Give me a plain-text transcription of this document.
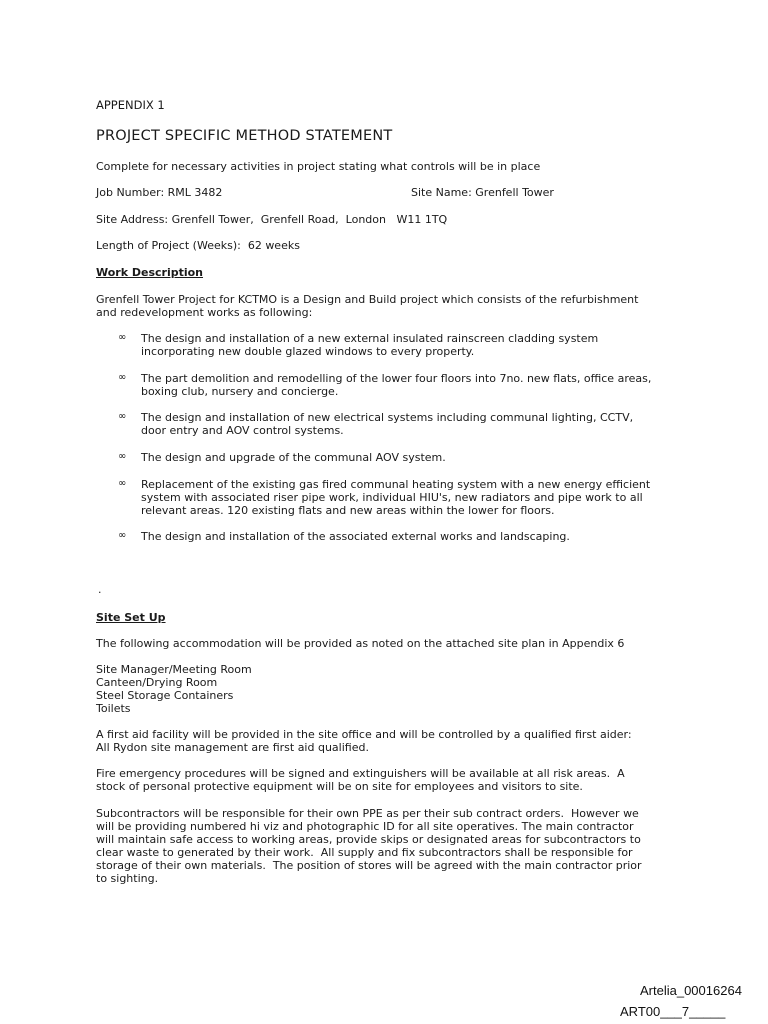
APPENDIX 1

PROJECT SPECIFIC METHOD STATEMENT

Complete for necessary activities in project stating what controls will be in place

Job Number: RML 3482	Site Name: Grenfell Tower

Site Address: Grenfell Tower,  Grenfell Road,  London   W11 1TQ

Length of Project (Weeks):  62 weeks

Work Description

Grenfell Tower Project for KCTMO is a Design and Build project which consists of the refurbishment
and redevelopment works as following:

∞ The design and installation of a new external insulated rainscreen cladding system incorporating new double glazed windows to every property.
∞ The part demolition and remodelling of the lower four floors into 7no. new flats, office areas, boxing club, nursery and concierge.
∞ The design and installation of new electrical systems including communal lighting, CCTV, door entry and AOV control systems.
∞ The design and upgrade of the communal AOV system.
∞ Replacement of the existing gas fired communal heating system with a new energy efficient system with associated riser pipe work, individual HIU's, new radiators and pipe work to all relevant areas. 120 existing flats and new areas within the lower for floors.
∞ The design and installation of the associated external works and landscaping.

.

Site Set Up

The following accommodation will be provided as noted on the attached site plan in Appendix 6

Site Manager/Meeting Room
Canteen/Drying Room
Steel Storage Containers
Toilets

A first aid facility will be provided in the site office and will be controlled by a qualified first aider:
All Rydon site management are first aid qualified.

Fire emergency procedures will be signed and extinguishers will be available at all risk areas.  A
stock of personal protective equipment will be on site for employees and visitors to site.

Subcontractors will be responsible for their own PPE as per their sub contract orders.  However we
will be providing numbered hi viz and photographic ID for all site operatives. The main contractor
will maintain safe access to working areas, provide skips or designated areas for subcontractors to
clear waste to generated by their work.  All supply and fix subcontractors shall be responsible for
storage of their own materials.  The position of stores will be agreed with the main contractor prior
to sighting.

Artelia_00016264

ART00___7_____
